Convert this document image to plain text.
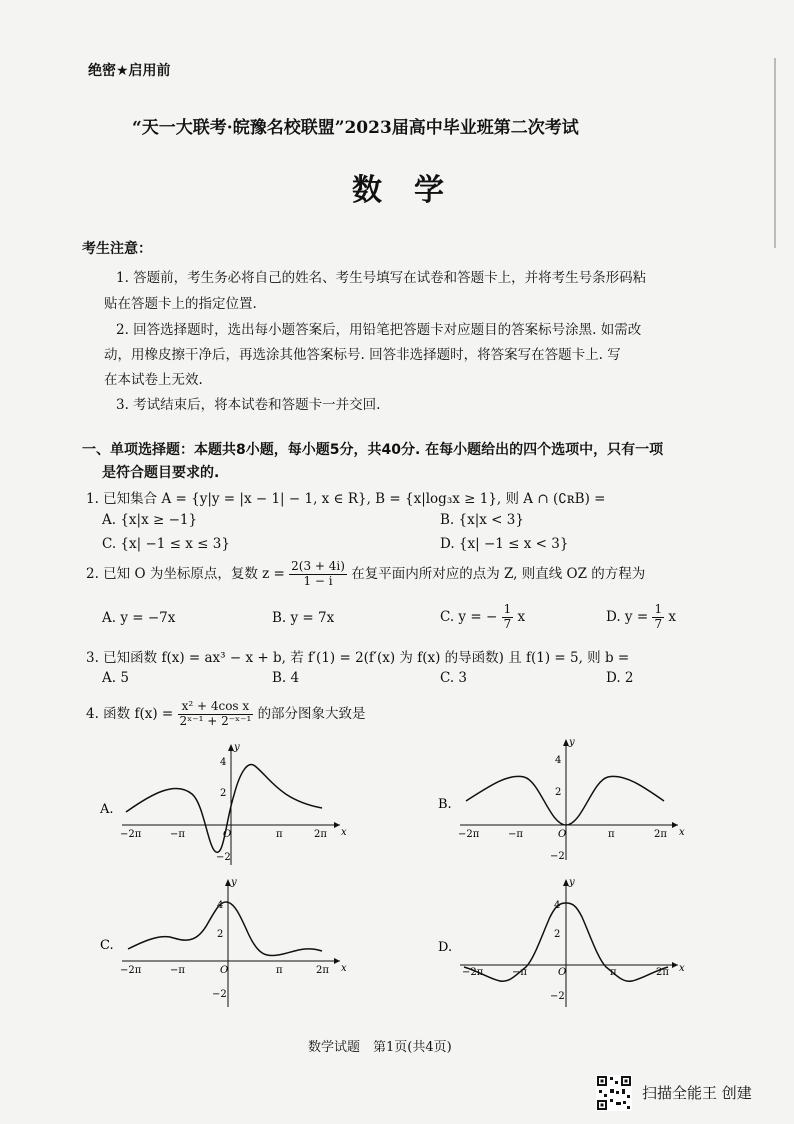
绝密★启用前
“天一大联考·皖豫名校联盟”2023届高中毕业班第二次考试
数学
考生注意：
1. 答题前，考生务必将自己的姓名、考生号填写在试卷和答题卡上，并将考生号条形码粘
贴在答题卡上的指定位置.
2. 回答选择题时，选出每小题答案后，用铅笔把答题卡对应题目的答案标号涂黑. 如需改
动，用橡皮擦干净后，再选涂其他答案标号. 回答非选择题时，将答案写在答题卡上. 写
在本试卷上无效.
3. 考试结束后，将本试卷和答题卡一并交回.
一、单项选择题：本题共8小题，每小题5分，共40分. 在每小题给出的四个选项中，只有一项
是符合题目要求的.
1. 已知集合 A = {y|y = |x − 1| − 1, x ∈ R}, B = {x|log₃x ≥ 1}, 则 A ∩ (∁ʀB) =
A. {x|x ≥ −1}	B. {x|x < 3}
C. {x| −1 ≤ x ≤ 3}	D. {x| −1 ≤ x < 3}
2. 已知 O 为坐标原点，复数 $z = \frac{2(3 + 4i)}{1 - i}$ 在复平面内所对应的点为 Z, 则直线 OZ 的方程为
A. y = −7x	B. y = 7x	C. y = − $\frac{1}{7}$ x	D. $y = \frac{1}{7}$ x
3. 已知函数 f(x) = ax³ − x + b, 若 f′(1) = 2(f′(x) 为 f(x) 的导函数) 且 f(1) = 5, 则 b =
A. 5	B. 4	C. 3	D. 2
4. 函数 $f(x) = \frac{\text{x² + 4cos x}}{\text{2ˣ⁻¹ + 2⁻ˣ⁻¹}}$ 的部分图象大致是
A.
y
x
4
2
−2
−2π	−π	O	π	2π
B.
y
x
4
2
−2
−2π	−π	O	π	2π
C.
y
x
4
2
−2
−2π	−π	O	π	2π
D.
y
x
4
2
−2
−2π	−π	O	π	2π
数学试题　第1页(共4页)
扫描全能王 创建
